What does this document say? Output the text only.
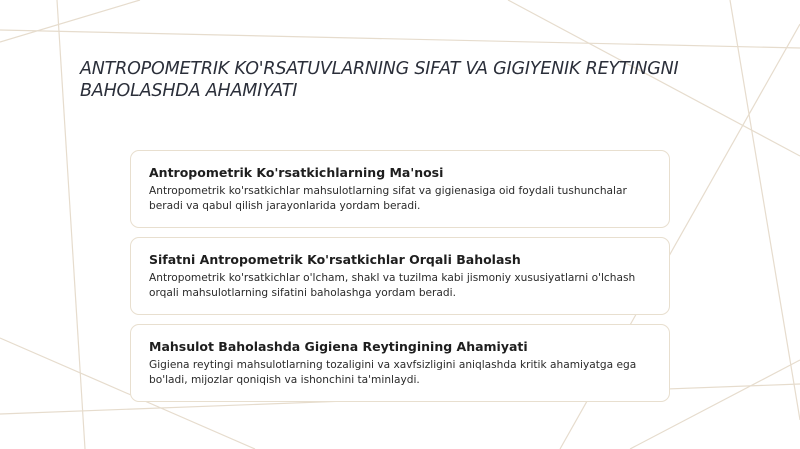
ANTROPOMETRIK KO'RSATUVLARNING SIFAT VA GIGIYENIK REYTINGNI BAHOLASHDA AHAMIYATI
Antropometrik Ko'rsatkichlarning Ma'nosi

Antropometrik ko'rsatkichlar mahsulotlarning sifat va gigienasiga oid foydali tushunchalar beradi va qabul qilish jarayonlarida yordam beradi.

Sifatni Antropometrik Ko'rsatkichlar Orqali Baholash

Antropometrik ko'rsatkichlar o'lcham, shakl va tuzilma kabi jismoniy xususiyatlarni o'lchash orqali mahsulotlarning sifatini baholashga yordam beradi.

Mahsulot Baholashda Gigiena Reytingining Ahamiyati

Gigiena reytingi mahsulotlarning tozaligini va xavfsizligini aniqlashda kritik ahamiyatga ega bo'ladi, mijozlar qoniqish va ishonchini ta'minlaydi.
